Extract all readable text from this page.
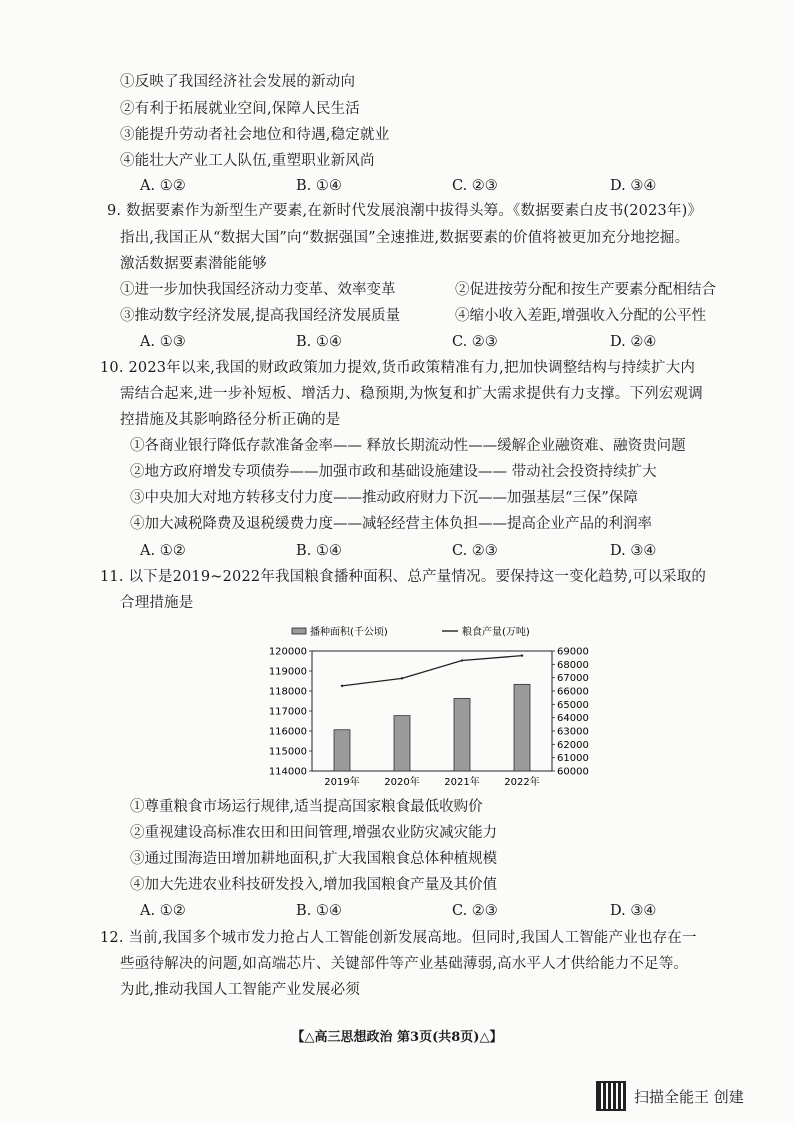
①反映了我国经济社会发展的新动向
②有利于拓展就业空间,保障人民生活
③能提升劳动者社会地位和待遇,稳定就业
④能壮大产业工人队伍,重塑职业新风尚
A. ①②	B. ①④	C. ②③	D. ③④
9. 数据要素作为新型生产要素,在新时代发展浪潮中拔得头筹。《数据要素白皮书(2023年)》
指出,我国正从“数据大国”向“数据强国”全速推进,数据要素的价值将被更加充分地挖掘。
激活数据要素潜能能够
①进一步加快我国经济动力变革、效率变革	②促进按劳分配和按生产要素分配相结合
③推动数字经济发展,提高我国经济发展质量	④缩小收入差距,增强收入分配的公平性
A. ①③	B. ①④	C. ②③	D. ②④
10. 2023年以来,我国的财政政策加力提效,货币政策精准有力,把加快调整结构与持续扩大内
需结合起来,进一步补短板、增活力、稳预期,为恢复和扩大需求提供有力支撑。下列宏观调
控措施及其影响路径分析正确的是
①各商业银行降低存款准备金率—— 释放长期流动性——缓解企业融资难、融资贵问题
②地方政府增发专项债券——加强市政和基础设施建设—— 带动社会投资持续扩大
③中央加大对地方转移支付力度——推动政府财力下沉——加强基层“三保”保障
④加大减税降费及退税缓费力度——减轻经营主体负担——提高企业产品的利润率
A. ①②	B. ①④	C. ②③	D. ③④
11. 以下是2019~2022年我国粮食播种面积、总产量情况。要保持这一变化趋势,可以采取的
合理措施是
播种面积(千公顷)	粮食产量(万吨)
120000
119000
118000
117000
116000
115000
114000
69000
68000
67000
66000
65000
64000
63000
62000
61000
60000
2019年 2020年 2021年 2022年
①尊重粮食市场运行规律,适当提高国家粮食最低收购价
②重视建设高标准农田和田间管理,增强农业防灾减灾能力
③通过围海造田增加耕地面积,扩大我国粮食总体种植规模
④加大先进农业科技研发投入,增加我国粮食产量及其价值
A. ①②	B. ①④	C. ②③	D. ③④
12. 当前,我国多个城市发力抢占人工智能创新发展高地。但同时,我国人工智能产业也存在一
些亟待解决的问题,如高端芯片、关键部件等产业基础薄弱,高水平人才供给能力不足等。
为此,推动我国人工智能产业发展必须
【△高三思想政治 第3页(共8页)△】
扫描全能王 创建
